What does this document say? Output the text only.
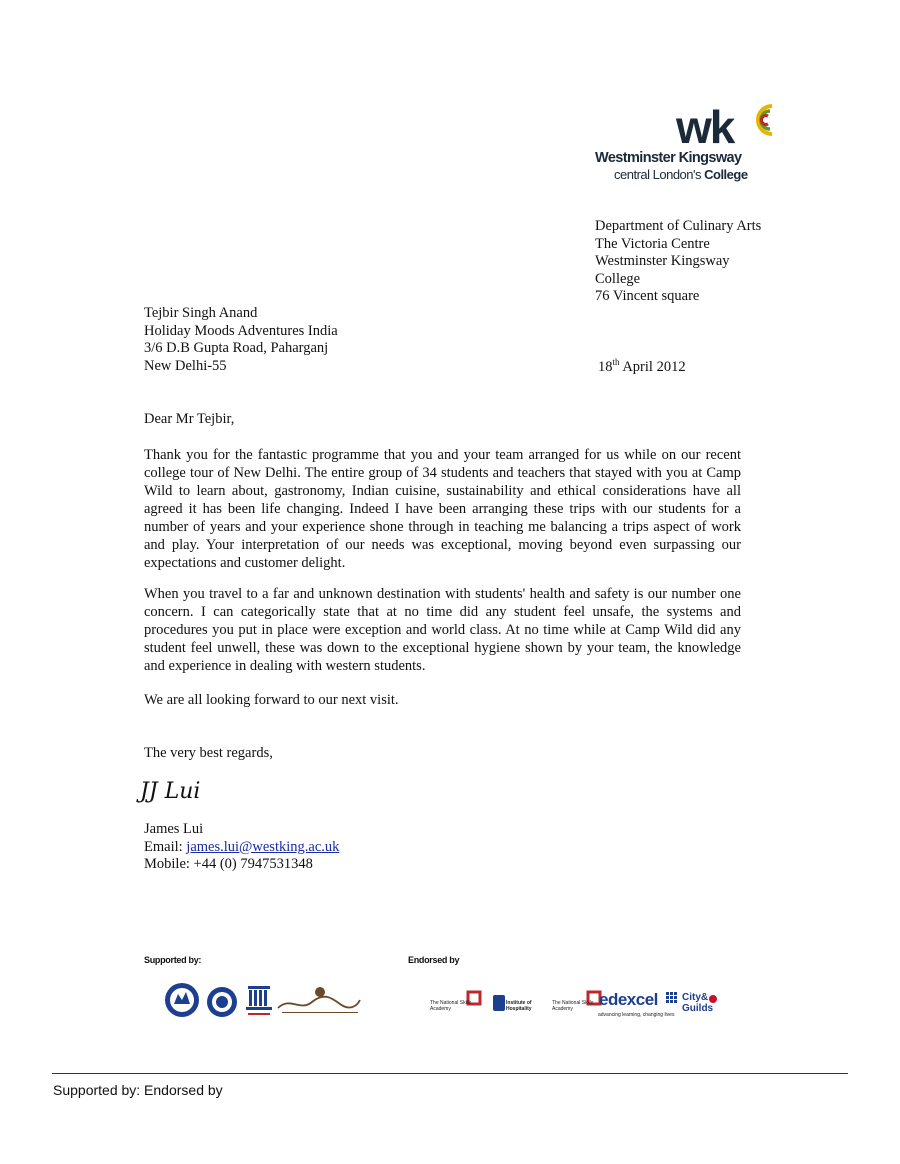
wk
Westminster Kingsway
central London's College
Department of Culinary Arts
The Victoria Centre
Westminster Kingsway
College
76 Vincent square
Tejbir Singh Anand
Holiday Moods Adventures India
3/6 D.B Gupta Road, Paharganj
New Delhi-55	18th April 2012
Dear Mr Tejbir,
Thank you for the fantastic programme that you and your team arranged for us while on our recent college tour of New Delhi. The entire group of 34 students and teachers that stayed with you at Camp Wild to learn about, gastronomy, Indian cuisine, sustainability and ethical considerations have all agreed it has been life changing. Indeed I have been arranging these trips with our students for a number of years and your experience shone through in teaching me balancing a trips aspect of work and play. Your interpretation of our needs was exceptional, moving beyond even surpassing our expectations and customer delight.
When you travel to a far and unknown destination with students' health and safety is our number one concern. I can categorically state that at no time did any student feel unsafe, the systems and procedures you put in place were exception and world class. At no time while at Camp Wild did any student feel unwell, these was down to the exceptional hygiene shown by your team, the knowledge and experience in dealing with western students.
We are all looking forward to our next visit.
The very best regards,
JJ Lui
James Lui
Email: james.lui@westking.ac.uk
Mobile: +44 (0) 7947531348
Supported by:	Endorsed by
The National Skills Academy
Institute of Hospitality
The National Skills Academy	edexcel
advancing learning, changing lives
City&
Guilds
Supported by: Endorsed by
